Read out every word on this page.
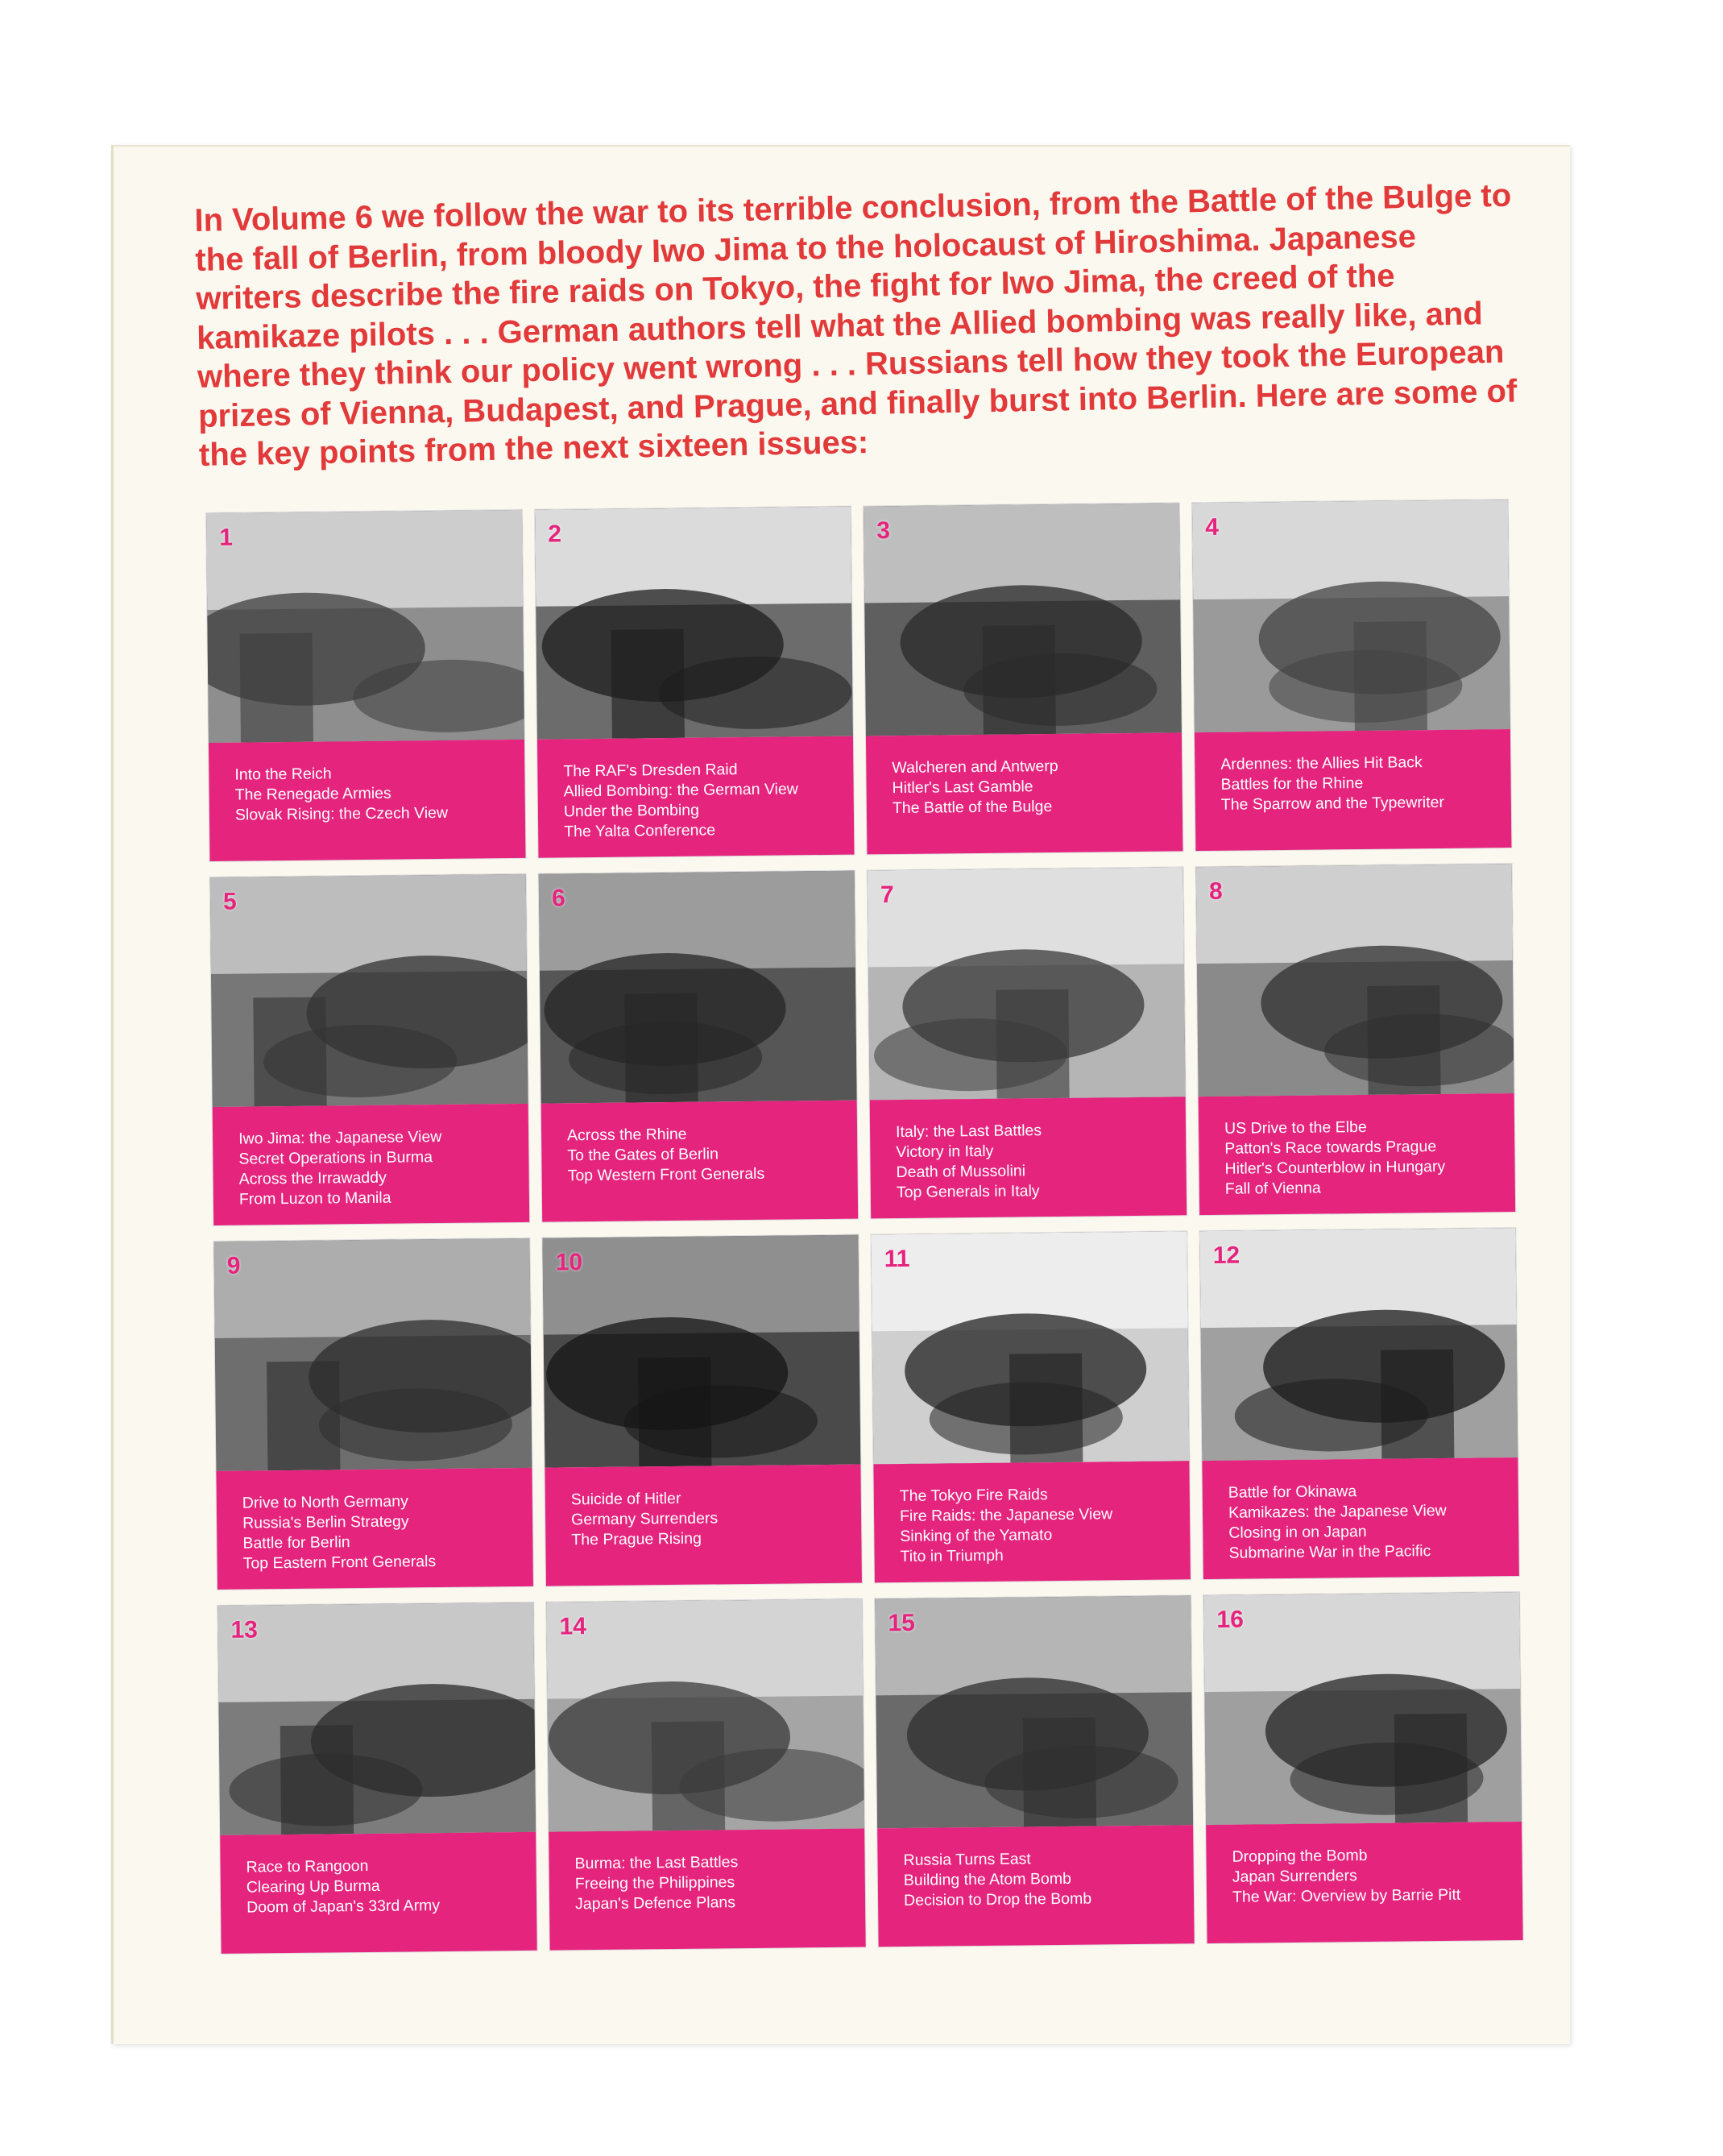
In Volume 6 we follow the war to its terrible conclusion, from the Battle of the Bulge to the fall of Berlin, from bloody Iwo Jima to the holocaust of Hiroshima. Japanese writers describe the fire raids on Tokyo, the fight for Iwo Jima, the creed of the kamikaze pilots . . . German authors tell what the Allied bombing was really like, and where they think our policy went wrong . . . Russians tell how they took the European prizes of Vienna, Budapest, and Prague, and finally burst into Berlin. Here are some of the key points from the next sixteen issues:

1
Into the Reich
The Renegade Armies
Slovak Rising: the Czech View
2
The RAF's Dresden Raid
Allied Bombing: the German View
Under the Bombing
The Yalta Conference
3
Walcheren and Antwerp
Hitler's Last Gamble
The Battle of the Bulge
4
Ardennes: the Allies Hit Back
Battles for the Rhine
The Sparrow and the Typewriter
5
Iwo Jima: the Japanese View
Secret Operations in Burma
Across the Irrawaddy
From Luzon to Manila
6
Across the Rhine
To the Gates of Berlin
Top Western Front Generals
7
Italy: the Last Battles
Victory in Italy
Death of Mussolini
Top Generals in Italy
8
US Drive to the Elbe
Patton's Race towards Prague
Hitler's Counterblow in Hungary
Fall of Vienna
9
Drive to North Germany
Russia's Berlin Strategy
Battle for Berlin
Top Eastern Front Generals
10
Suicide of Hitler
Germany Surrenders
The Prague Rising
11
The Tokyo Fire Raids
Fire Raids: the Japanese View
Sinking of the Yamato
Tito in Triumph
12
Battle for Okinawa
Kamikazes: the Japanese View
Closing in on Japan
Submarine War in the Pacific
13
Race to Rangoon
Clearing Up Burma
Doom of Japan's 33rd Army
14
Burma: the Last Battles
Freeing the Philippines
Japan's Defence Plans
15
Russia Turns East
Building the Atom Bomb
Decision to Drop the Bomb
16
Dropping the Bomb
Japan Surrenders
The War: Overview by Barrie Pitt
